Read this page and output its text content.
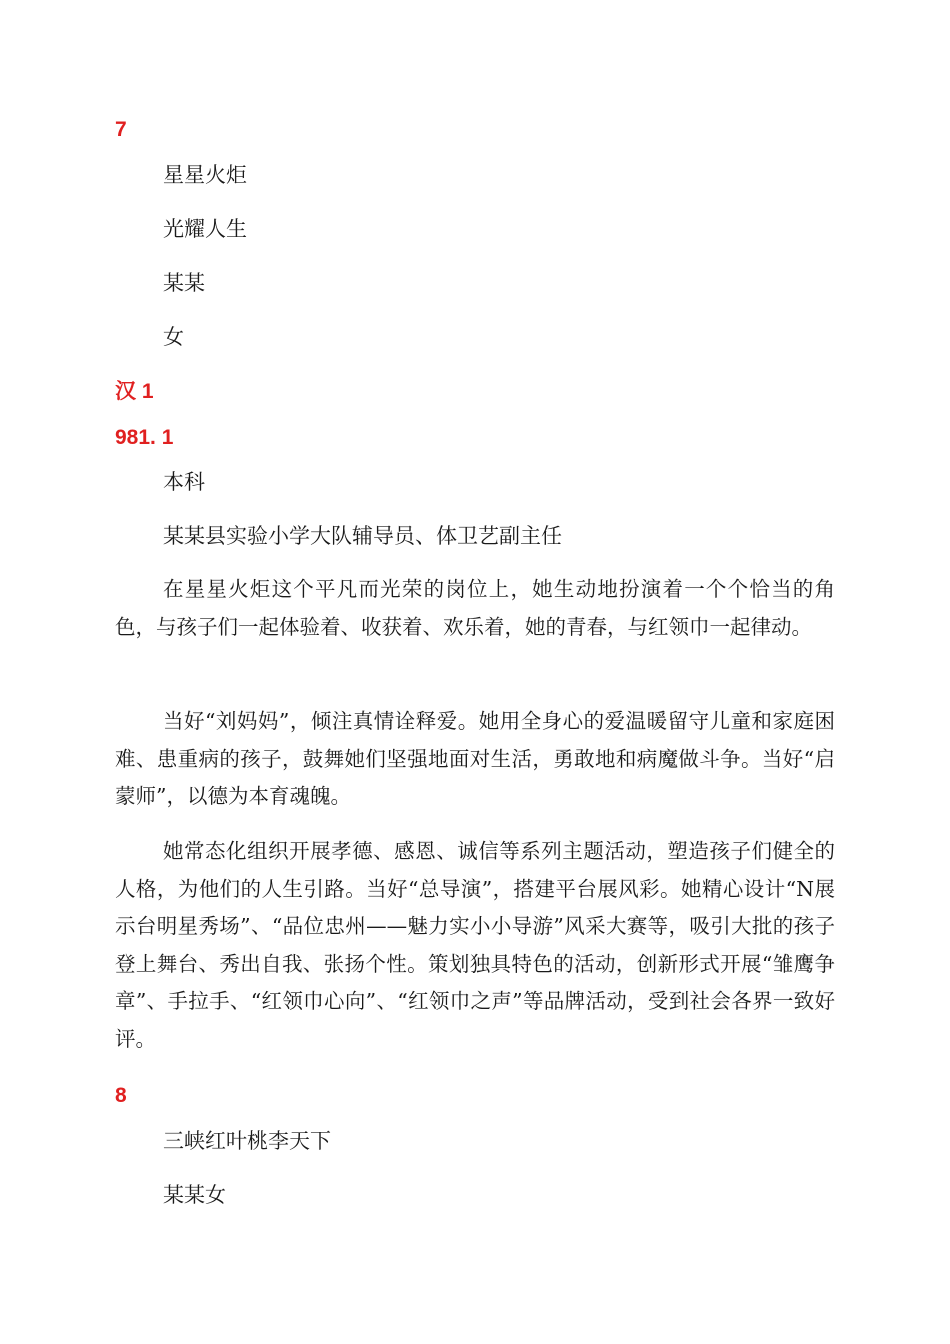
7
星星火炬
光耀人生
某某
女
汉 1
981. 1
本科
某某县实验小学大队辅导员、体卫艺副主任

在星星火炬这个平凡而光荣的岗位上，她生动地扮演着一个个恰当的角色，与孩子们一起体验着、收获着、欢乐着，她的青春，与红领巾一起律动。

当好“刘妈妈”，倾注真情诠释爱。她用全身心的爱温暖留守儿童和家庭困难、患重病的孩子，鼓舞她们坚强地面对生活，勇敢地和病魔做斗争。当好“启蒙师”，以德为本育魂魄。

她常态化组织开展孝德、感恩、诚信等系列主题活动，塑造孩子们健全的人格，为他们的人生引路。当好“总导演”，搭建平台展风彩。她精心设计“N展示台明星秀场”、“品位忠州——魅力实小小导游”风采大赛等，吸引大批的孩子登上舞台、秀出自我、张扬个性。策划独具特色的活动，创新形式开展“雏鹰争章”、手拉手、“红领巾心向”、“红领巾之声”等品牌活动，受到社会各界一致好评。

8
三峡红叶桃李天下
某某女
